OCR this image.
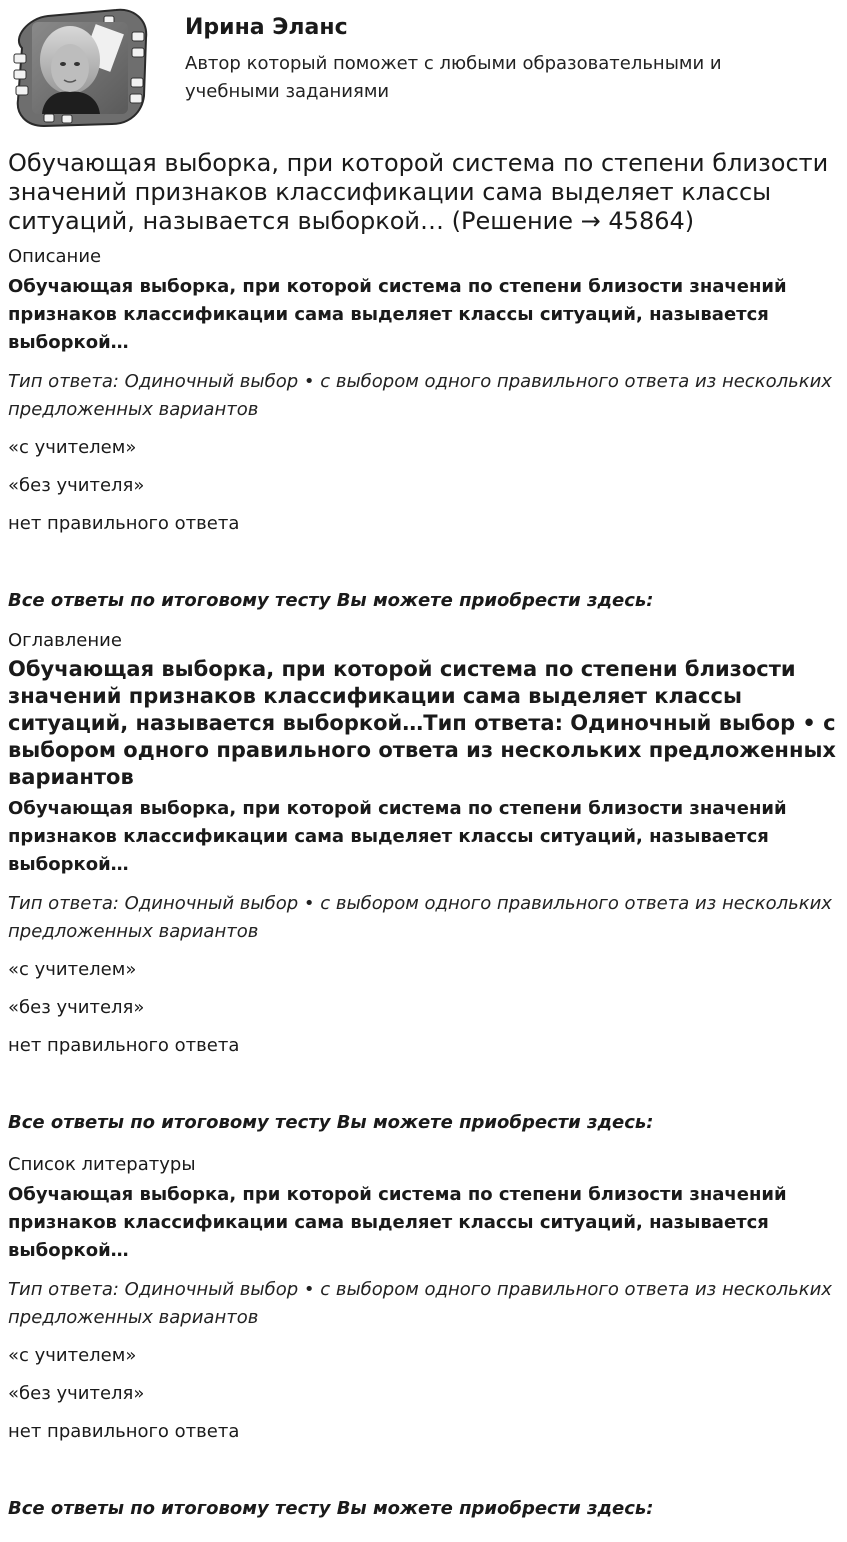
Ирина Эланс
Автор который поможет с любыми образовательными и учебными заданиями
Обучающая выборка, при которой система по степени близости значений признаков классификации сама выделяет классы ситуаций, называется выборкой… (Решение → 45864)
Описание
Обучающая выборка, при которой система по степени близости значений признаков классификации сама выделяет классы ситуаций, называется выборкой…
Тип ответа: Одиночный выбор • с выбором одного правильного ответа из нескольких предложенных вариантов
«с учителем»
«без учителя»
нет правильного ответа
Все ответы по итоговому тесту Вы можете приобрести здесь:
Оглавление
Обучающая выборка, при которой система по степени близости значений признаков классификации сама выделяет классы ситуаций, называется выборкой…Тип ответа: Одиночный выбор • с выбором одного правильного ответа из нескольких предложенных вариантов
Обучающая выборка, при которой система по степени близости значений признаков классификации сама выделяет классы ситуаций, называется выборкой…
Тип ответа: Одиночный выбор • с выбором одного правильного ответа из нескольких предложенных вариантов
«с учителем»
«без учителя»
нет правильного ответа
Все ответы по итоговому тесту Вы можете приобрести здесь:
Список литературы
Обучающая выборка, при которой система по степени близости значений признаков классификации сама выделяет классы ситуаций, называется выборкой…
Тип ответа: Одиночный выбор • с выбором одного правильного ответа из нескольких предложенных вариантов
«с учителем»
«без учителя»
нет правильного ответа
Все ответы по итоговому тесту Вы можете приобрести здесь:
